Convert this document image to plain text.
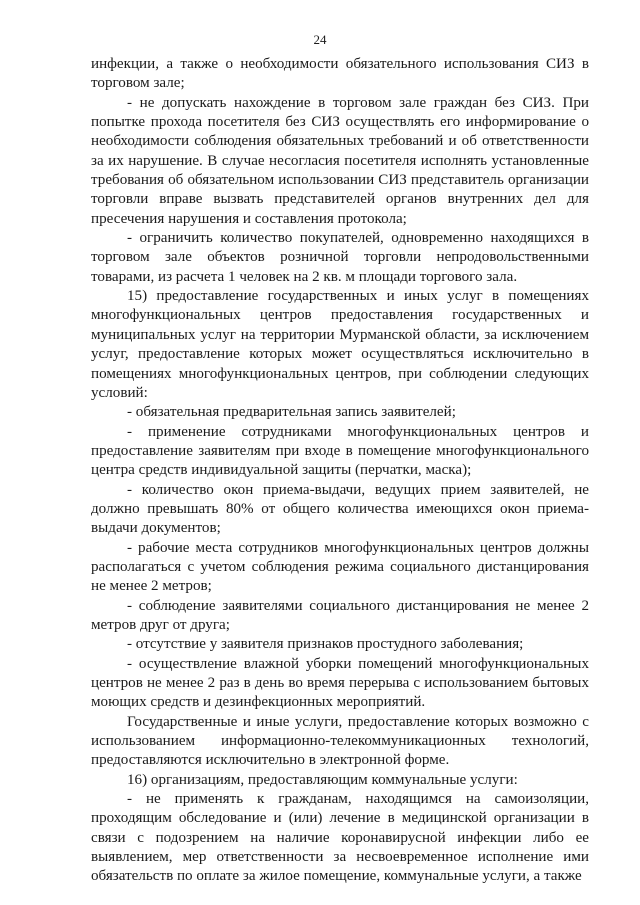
24

инфекции, а также о необходимости обязательного использования СИЗ в торговом зале;

- не допускать нахождение в торговом зале граждан без СИЗ. При попытке прохода посетителя без СИЗ осуществлять его информирование о необходимости соблюдения обязательных требований и об ответственности за их нарушение. В случае несогласия посетителя исполнять установленные требования об обязательном использовании СИЗ представитель организации торговли вправе вызвать представителей органов внутренних дел для пресечения нарушения и составления протокола;

- ограничить количество покупателей, одновременно находящихся в торговом зале объектов розничной торговли непродовольственными товарами, из расчета 1 человек на 2 кв. м площади торгового зала.

15) предоставление государственных и иных услуг в помещениях многофункциональных центров предоставления государственных и муниципальных услуг на территории Мурманской области, за исключением услуг, предоставление которых может осуществляться исключительно в помещениях многофункциональных центров, при соблюдении следующих условий:

- обязательная предварительная запись заявителей;

- применение сотрудниками многофункциональных центров и предоставление заявителям при входе в помещение многофункционального центра средств индивидуальной защиты (перчатки, маска);

- количество окон приема-выдачи, ведущих прием заявителей, не должно превышать 80% от общего количества имеющихся окон приема-выдачи документов;

- рабочие места сотрудников многофункциональных центров должны располагаться с учетом соблюдения режима социального дистанцирования не менее 2 метров;

- соблюдение заявителями социального дистанцирования не менее 2 метров друг от друга;

- отсутствие у заявителя признаков простудного заболевания;

- осуществление влажной уборки помещений многофункциональных центров не менее 2 раз в день во время перерыва с использованием бытовых моющих средств и дезинфекционных мероприятий.

Государственные и иные услуги, предоставление которых возможно с использованием информационно-телекоммуникационных технологий, предоставляются исключительно в электронной форме.

16) организациям, предоставляющим коммунальные услуги:

- не применять к гражданам, находящимся на самоизоляции, проходящим обследование и (или) лечение в медицинской организации в связи с подозрением на наличие коронавирусной инфекции либо ее выявлением, мер ответственности за несвоевременное исполнение ими обязательств по оплате за жилое помещение, коммунальные услуги, а также
